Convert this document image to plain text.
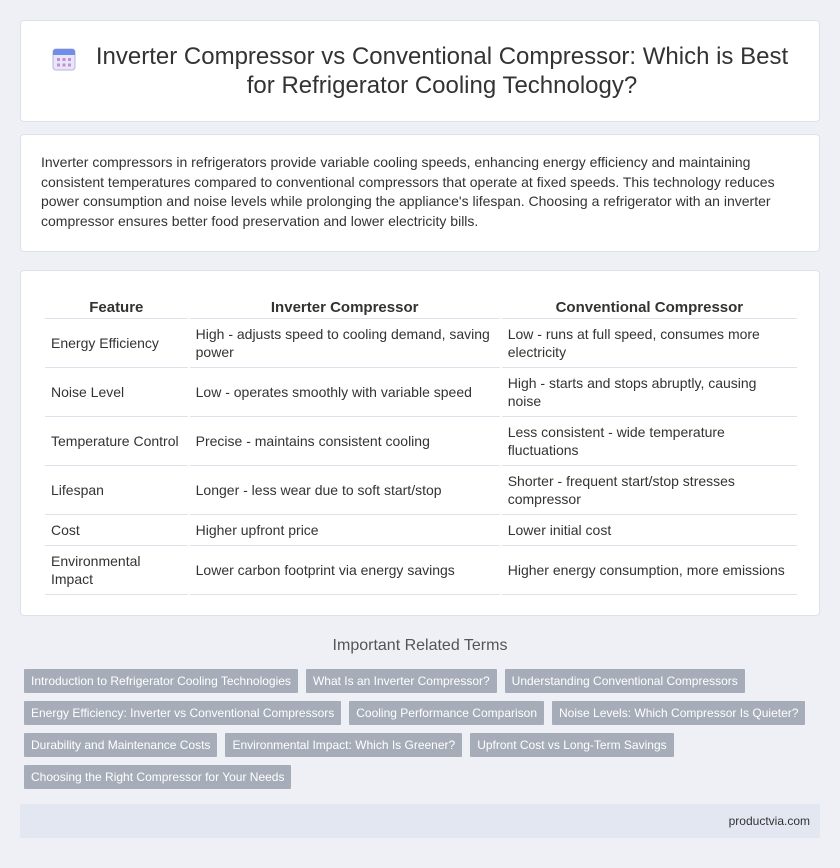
Inverter Compressor vs Conventional Compressor: Which is Best for Refrigerator Cooling Technology?

Inverter compressors in refrigerators provide variable cooling speeds, enhancing energy efficiency and maintaining consistent temperatures compared to conventional compressors that operate at fixed speeds. This technology reduces power consumption and noise levels while prolonging the appliance's lifespan. Choosing a refrigerator with an inverter compressor ensures better food preservation and lower electricity bills.

Feature	Inverter Compressor	Conventional Compressor
Energy Efficiency	High - adjusts speed to cooling demand, saving power	Low - runs at full speed, consumes more electricity
Noise Level	Low - operates smoothly with variable speed	High - starts and stops abruptly, causing noise
Temperature Control	Precise - maintains consistent cooling	Less consistent - wide temperature fluctuations
Lifespan	Longer - less wear due to soft start/stop	Shorter - frequent start/stop stresses compressor
Cost	Higher upfront price	Lower initial cost
Environmental Impact	Lower carbon footprint via energy savings	Higher energy consumption, more emissions
Important Related Terms
Introduction to Refrigerator Cooling Technologies	What Is an Inverter Compressor?	Understanding Conventional Compressors
Energy Efficiency: Inverter vs Conventional Compressors	Cooling Performance Comparison	Noise Levels: Which Compressor Is Quieter?
Durability and Maintenance Costs	Environmental Impact: Which Is Greener?	Upfront Cost vs Long-Term Savings
Choosing the Right Compressor for Your Needs
productvia.com
